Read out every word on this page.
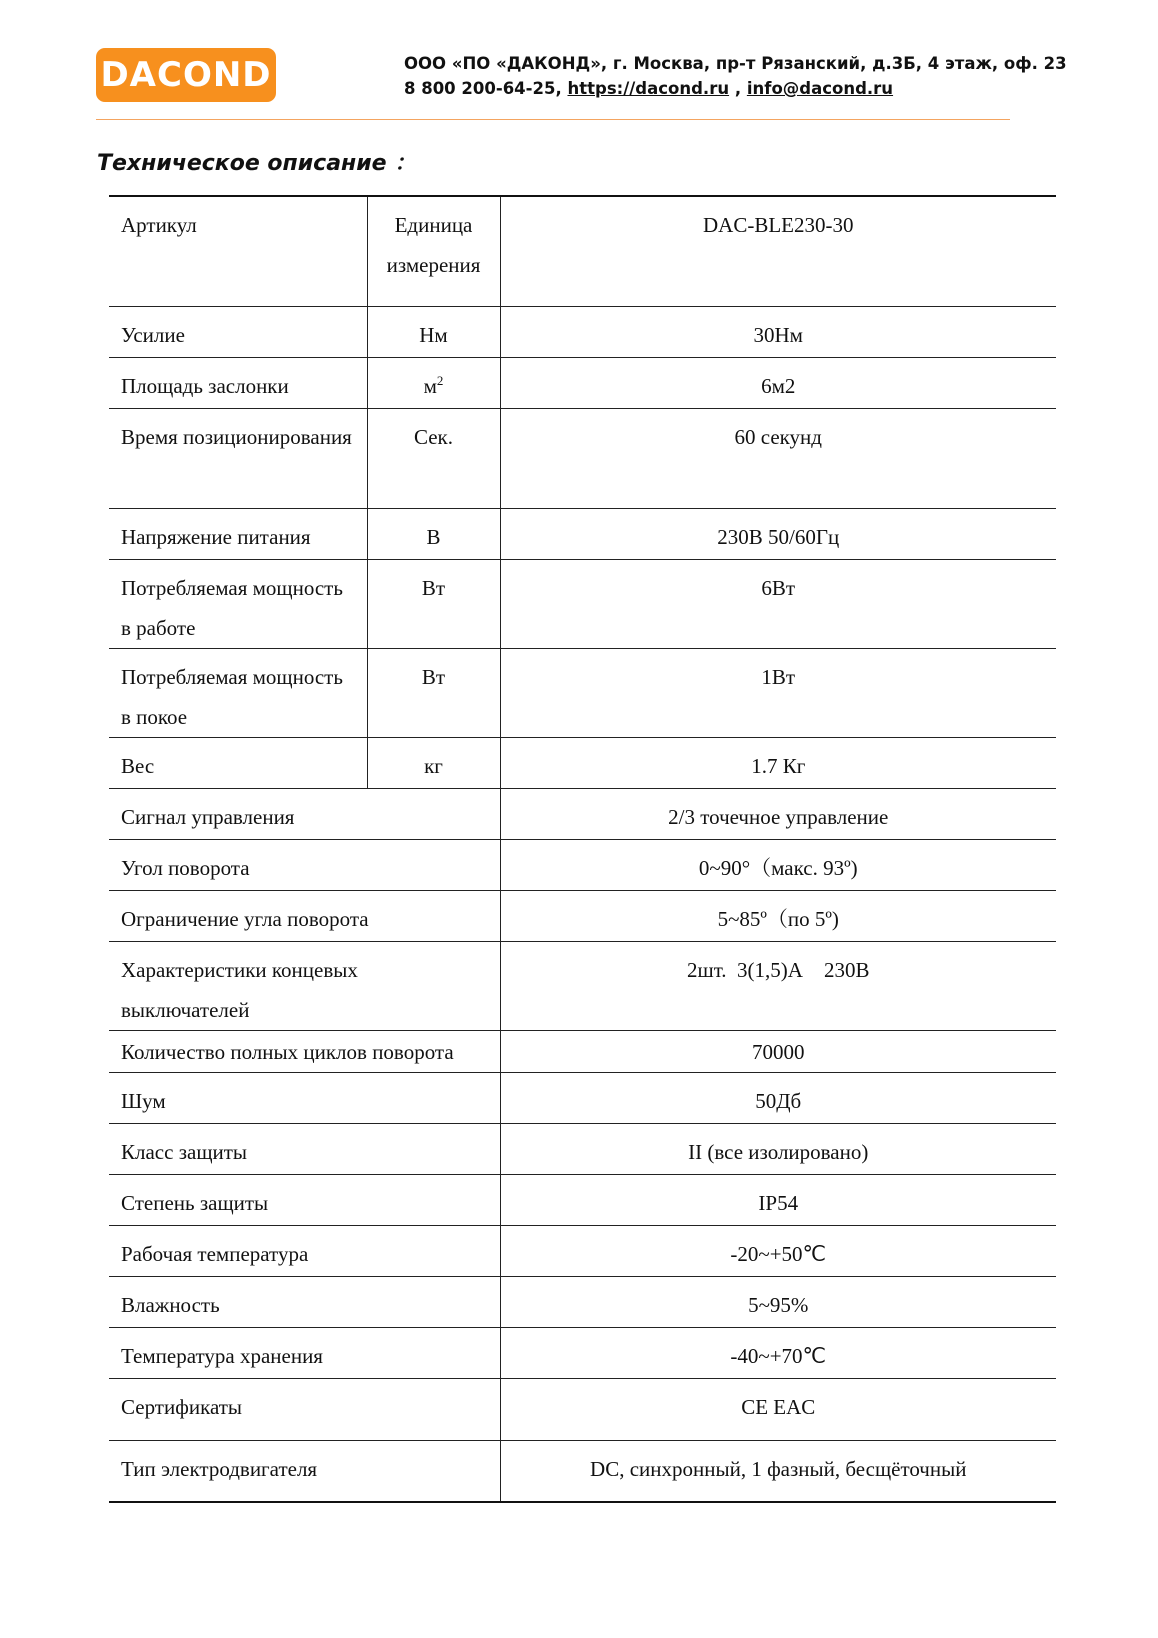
DACOND	ООО «ПО «ДАКОНД», г. Москва, пр-т Рязанский, д.3Б, 4 этаж, оф. 23
8 800 200-64-25, https://dacond.ru , info@dacond.ru
Техническое описание ：
Артикул	Единица измерения	DAC-BLE230-30
Усилие	Нм	30Нм
Площадь заслонки	$м^2$	6м2
Время позиционирования	Сек.	60 секунд
Напряжение питания	В	230В 50/60Гц
Потребляемая мощность в работе	Вт	6Вт
Потребляемая мощность в покое	Вт	1Вт
Вес	кг	1.7 Кг
Сигнал управления		2/3 точечное управление
Угол поворота		0~90°（макс. 93º)
Ограничение угла поворота		5~85º（по 5º)
Характеристики концевых выключателей		2шт.  3(1,5)А    230В
Количество полных циклов поворота		70000
Шум		50Дб
Класс защиты		II (все изолировано)
Степень защиты		IP54
Рабочая температура		-20~+50℃
Влажность		5~95%
Температура хранения		-40~+70℃
Сертификаты		CE EAC
Тип электродвигателя		DC, синхронный, 1 фазный, бесщёточный
